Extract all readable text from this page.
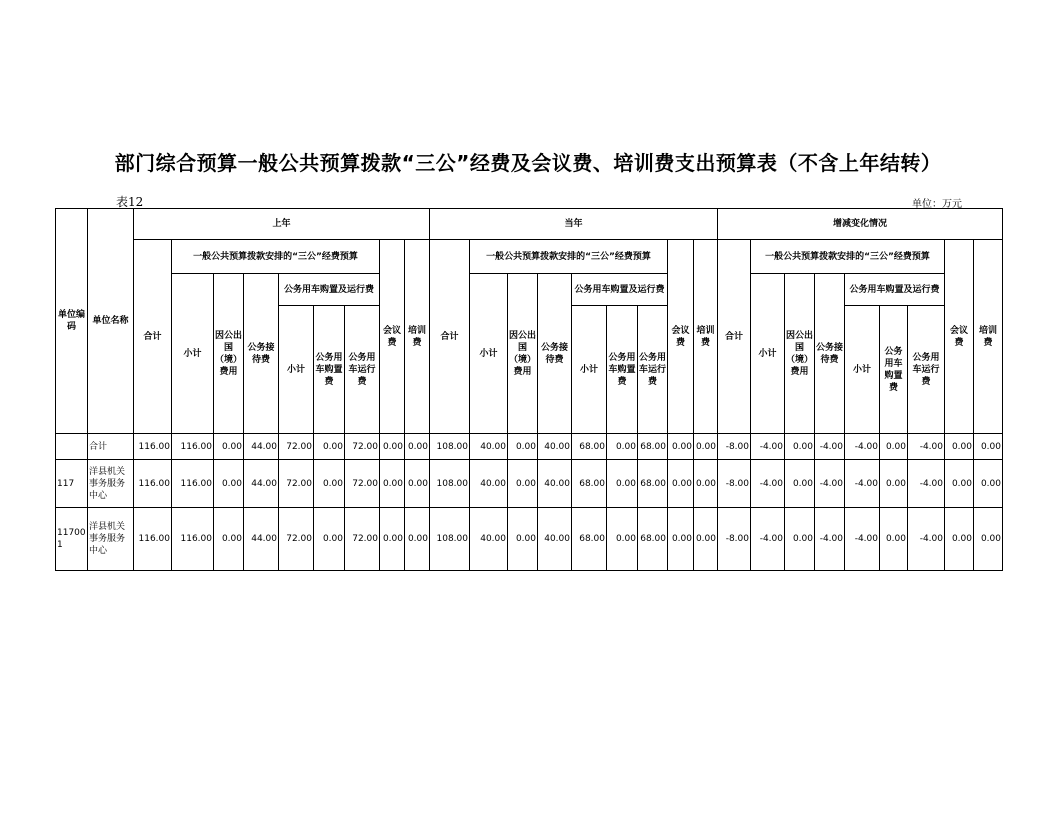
部门综合预算一般公共预算拨款“三公”经费及会议费、培训费支出预算表（不含上年结转）
表12	单位：万元
单位编码	单位名称	上年									当年									增减变化情况								
		合计	一般公共预算拨款安排的“三公”经费预算						会议费	培训费	合计	一般公共预算拨款安排的“三公”经费预算						会议费	培训费	合计	一般公共预算拨款安排的“三公”经费预算						会议费	培训费
			小计	因公出国（境）费用	公务接待费	公务用车购置及运行费						小计	因公出国（境）费用	公务接待费	公务用车购置及运行费						小计	因公出国（境）费用	公务接待费	公务用车购置及运行费				
						小计	公务用车购置费	公务用车运行费							小计	公务用车购置费	公务用车运行费							小计	公务用车购置费	公务用车运行费		

	合计	116.00	116.00	0.00	44.00	72.00	0.00	72.00	0.00	0.00	108.00	40.00	0.00	40.00	68.00	0.00	68.00	0.00	0.00	-8.00	-4.00	0.00	-4.00	-4.00	0.00	-4.00	0.00	0.00
117	洋县机关事务服务中心	116.00	116.00	0.00	44.00	72.00	0.00	72.00	0.00	0.00	108.00	40.00	0.00	40.00	68.00	0.00	68.00	0.00	0.00	-8.00	-4.00	0.00	-4.00	-4.00	0.00	-4.00	0.00	0.00
117001	洋县机关事务服务中心	116.00	116.00	0.00	44.00	72.00	0.00	72.00	0.00	0.00	108.00	40.00	0.00	40.00	68.00	0.00	68.00	0.00	0.00	-8.00	-4.00	0.00	-4.00	-4.00	0.00	-4.00	0.00	0.00
